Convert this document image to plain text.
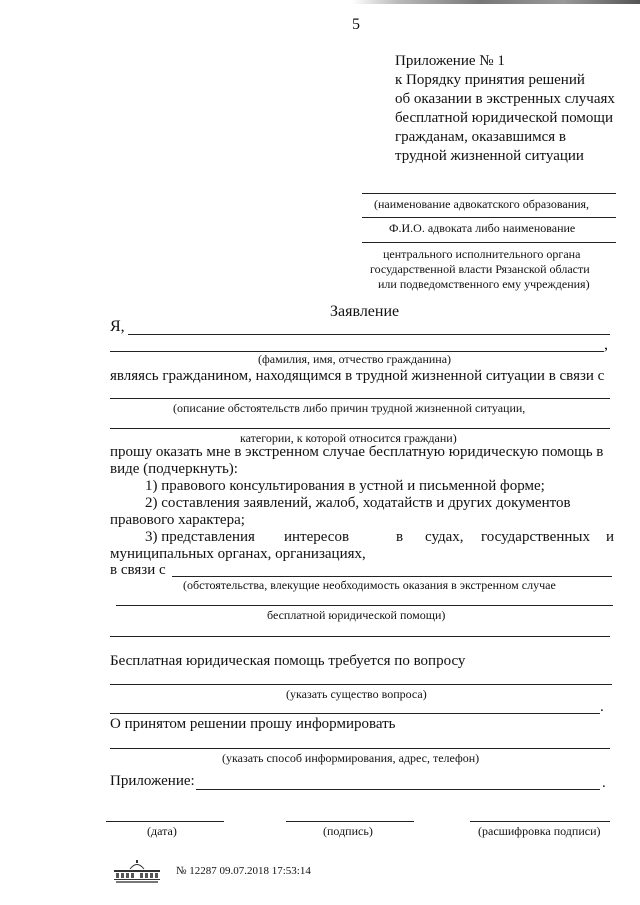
5
Приложение № 1
к Порядку принятия решений
об оказании в экстренных случаях
бесплатной юридической помощи
гражданам, оказавшимся в
трудной жизненной ситуации
(наименование адвокатского образования,
Ф.И.О. адвоката либо наименование
центрального исполнительного органа
государственной власти Рязанской области
или подведомственного ему учреждения)
Заявление
Я,
,
(фамилия, имя, отчество гражданина)
являясь гражданином, находящимся в трудной жизненной ситуации в связи с
(описание обстоятельств либо причин трудной жизненной ситуации,
категории, к которой относится граждани)
прошу оказать мне в экстренном случае бесплатную юридическую помощь в
виде (подчеркнуть):
1) правового консультирования в устной и письменной форме;
2) составления заявлений, жалоб, ходатайств и других документов
правового характера;
3) представления интересов	в судах, государственных и
муниципальных органах, организациях,
в связи с
(обстоятельства, влекущие необходимость оказания в экстренном случае
бесплатной юридической помощи)
Бесплатная юридическая помощь требуется по вопросу
(указать существо вопроса)
.
О принятом решении прошу информировать
(указать способ информирования, адрес, телефон)
Приложение:	.
(дата)	(подпись)	(расшифровка подписи)
№ 12287 09.07.2018 17:53:14
